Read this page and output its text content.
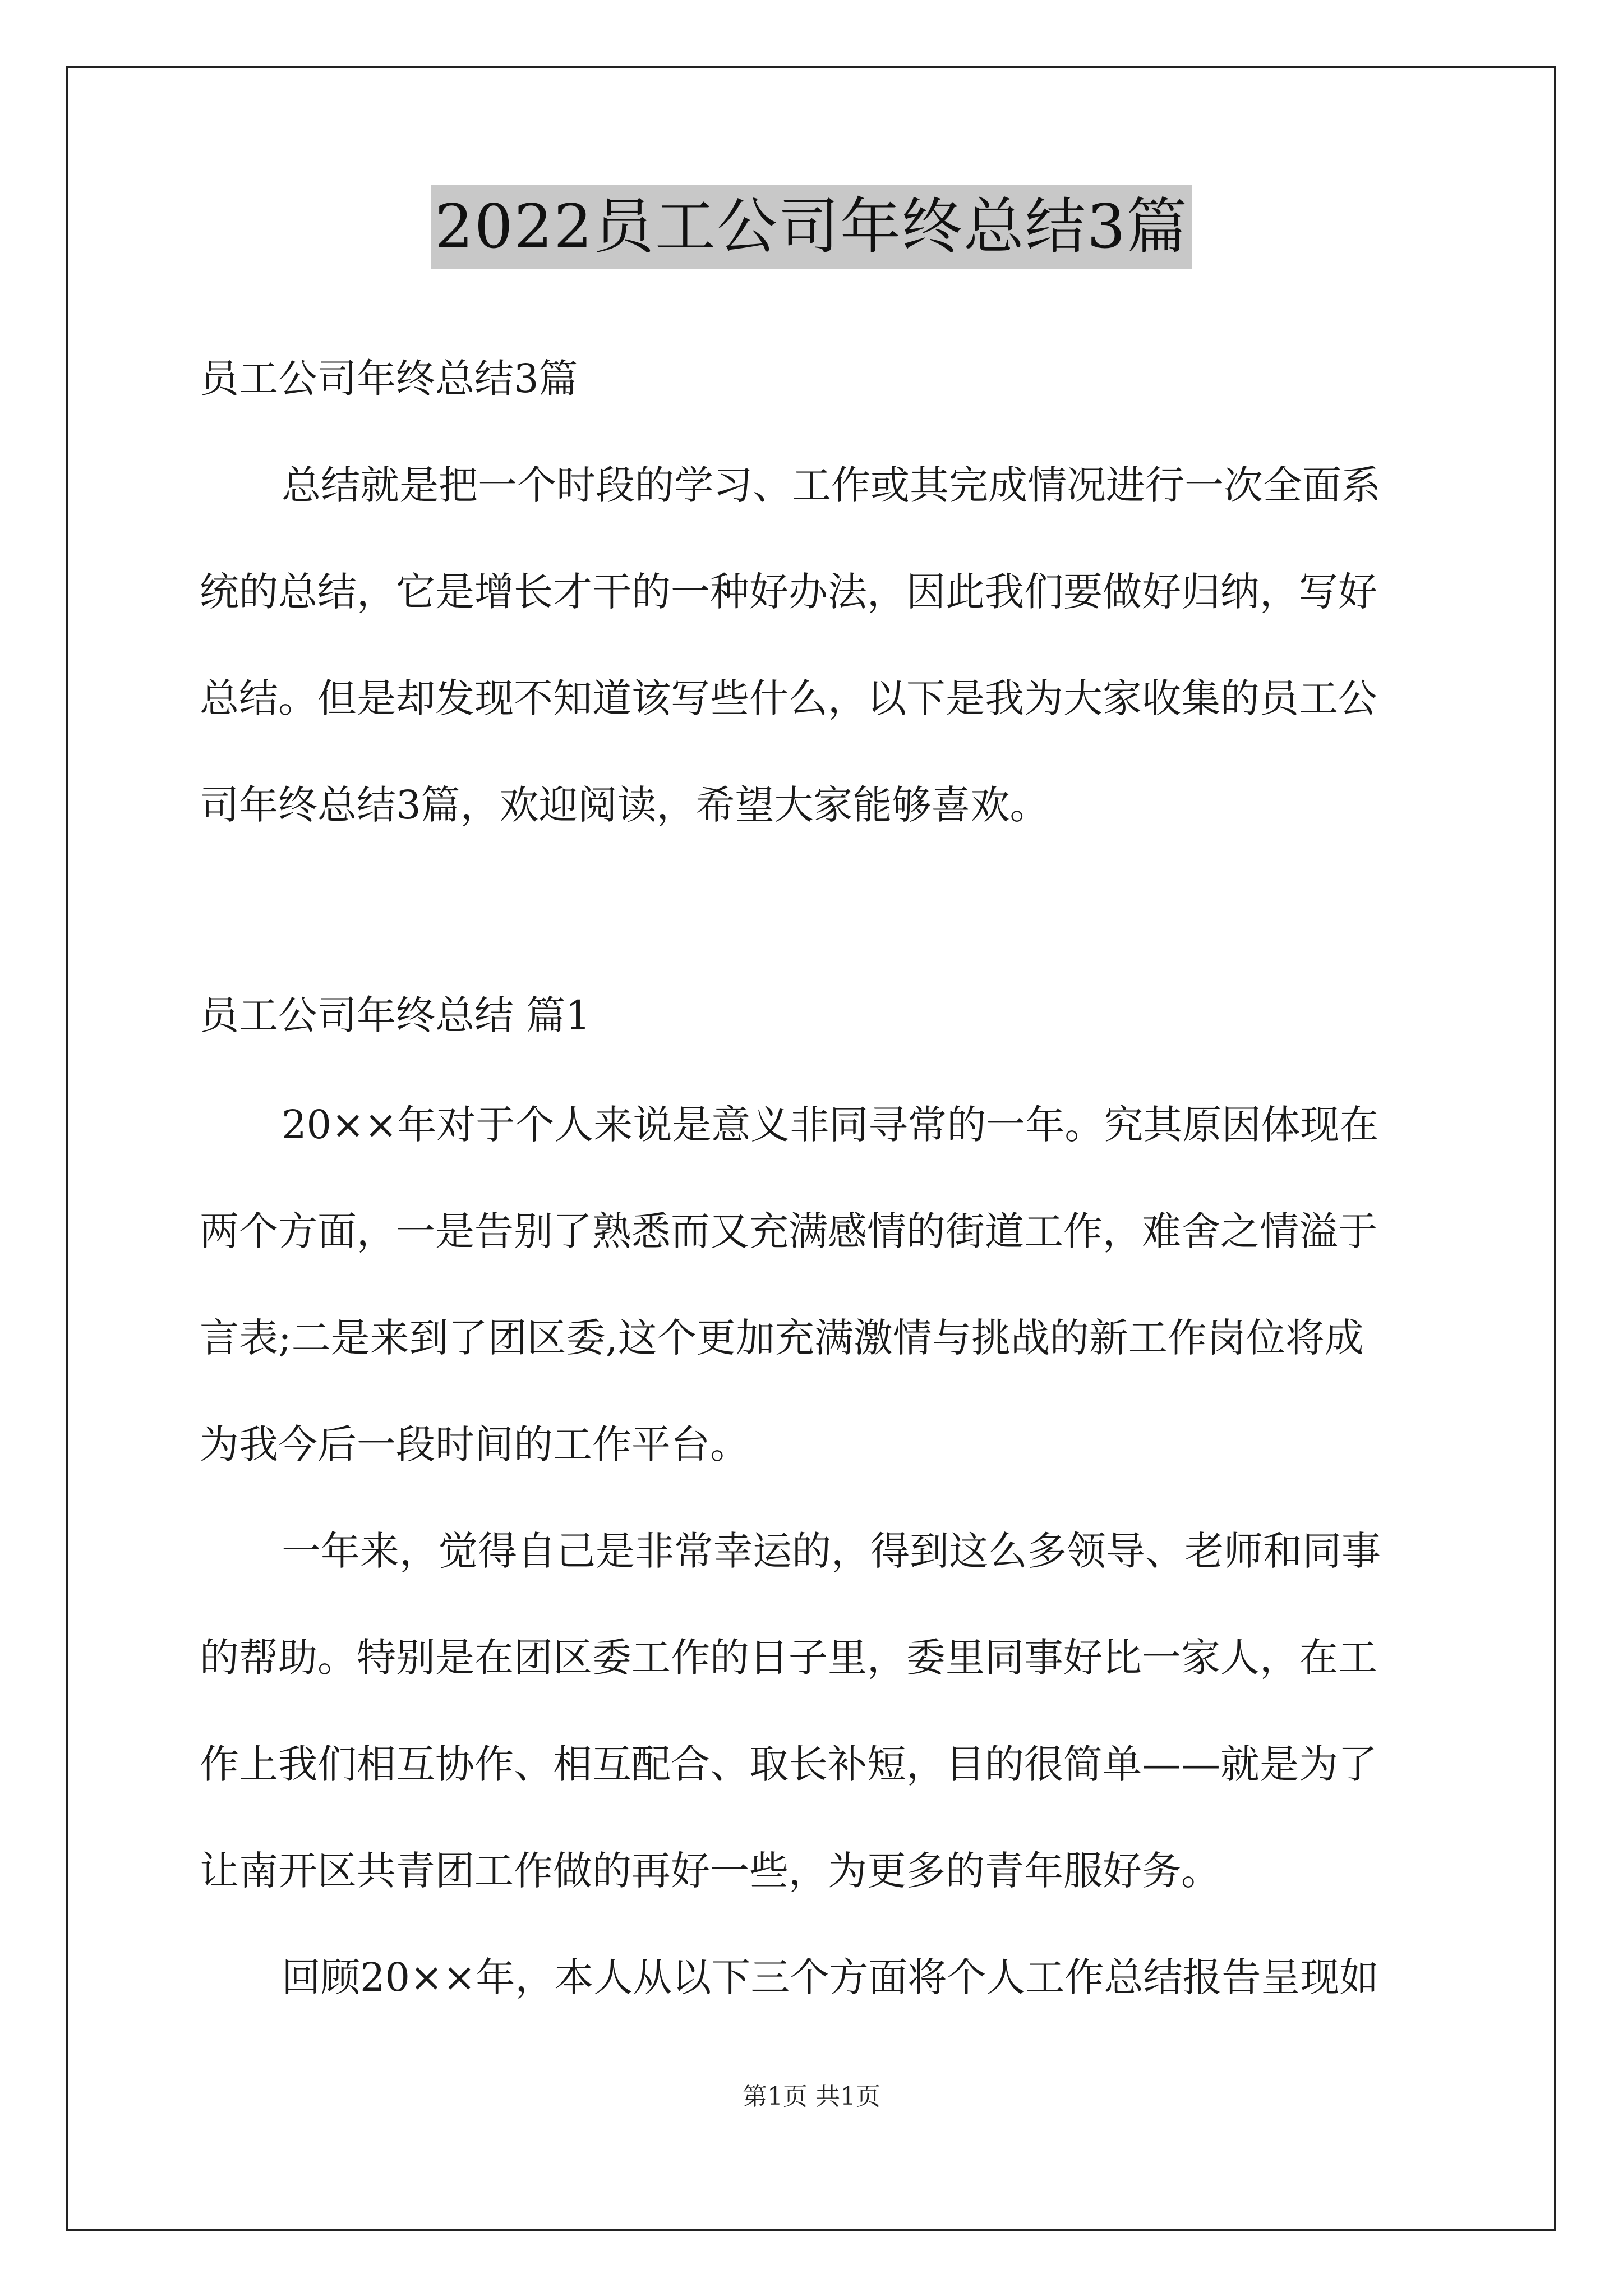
2022员工公司年终总结3篇
员工公司年终总结3篇
总结就是把一个时段的学习、工作或其完成情况进行一次全面系
统的总结，它是增长才干的一种好办法，因此我们要做好归纳，写好
总结。但是却发现不知道该写些什么，以下是我为大家收集的员工公
司年终总结3篇，欢迎阅读，希望大家能够喜欢。
员工公司年终总结 篇1
20××年对于个人来说是意义非同寻常的一年。究其原因体现在
两个方面，一是告别了熟悉而又充满感情的街道工作，难舍之情溢于
言表;二是来到了团区委,这个更加充满激情与挑战的新工作岗位将成
为我今后一段时间的工作平台。
一年来，觉得自己是非常幸运的，得到这么多领导、老师和同事
的帮助。特别是在团区委工作的日子里，委里同事好比一家人，在工
作上我们相互协作、相互配合、取长补短，目的很简单——就是为了
让南开区共青团工作做的再好一些，为更多的青年服好务。
回顾20××年，本人从以下三个方面将个人工作总结报告呈现如
第1页 共1页
